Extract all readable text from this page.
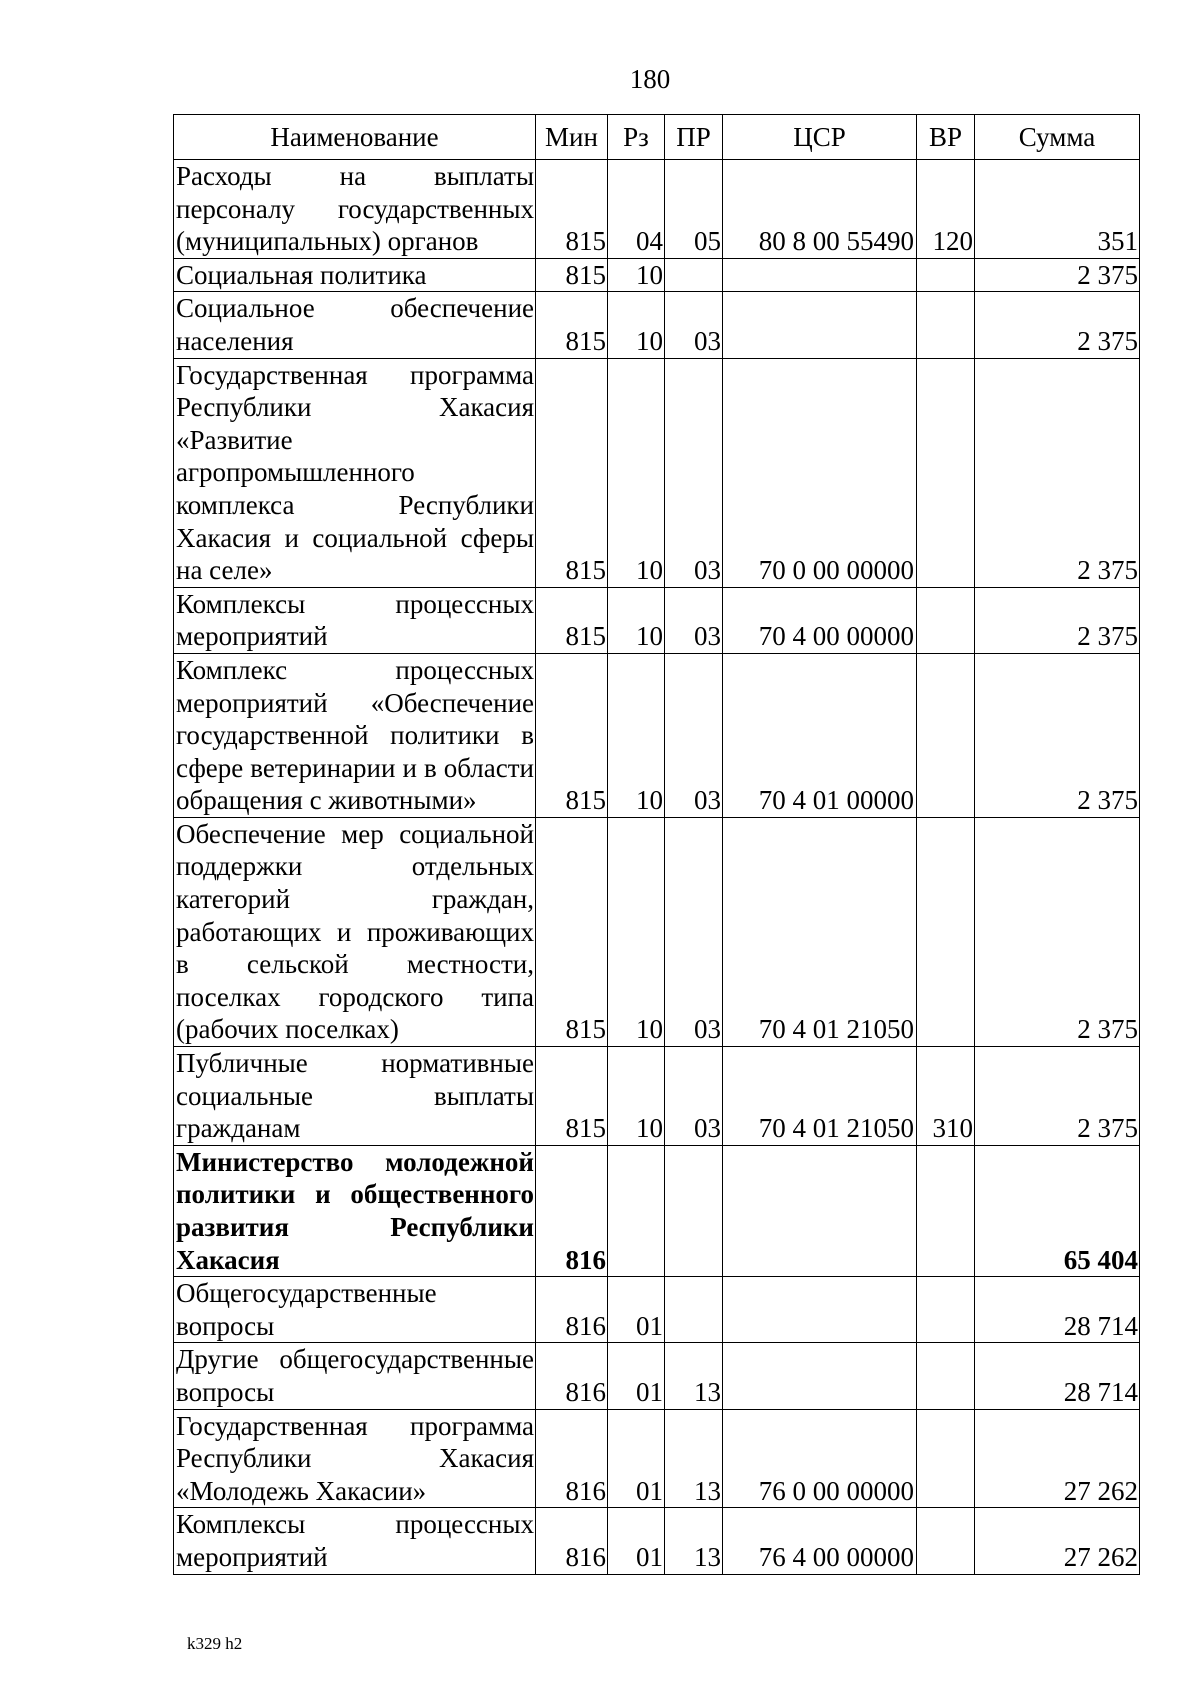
180
Наименование	Мин	Рз	ПР	ЦСР	ВР	Сумма
Расходы на выплаты персоналу государственных (муниципальных) органов	815	04	05	80 8 00 55490	120	351
Социальная политика	815	10				2 375
Социальное обеспечение населения	815	10	03			2 375
Государственная программа Республики Хакасия «Развитие агропромышленного комплекса Республики Хакасия и социальной сферы на селе»	815	10	03	70 0 00 00000		2 375
Комплексы процессных мероприятий	815	10	03	70 4 00 00000		2 375
Комплекс процессных мероприятий «Обеспечение государственной политики в сфере ветеринарии и в области обращения с животными»	815	10	03	70 4 01 00000		2 375
Обеспечение мер социальной поддержки отдельных категорий граждан, работающих и проживающих в сельской местности, поселках городского типа (рабочих поселках)	815	10	03	70 4 01 21050		2 375
Публичные нормативные социальные выплаты гражданам	815	10	03	70 4 01 21050	310	2 375
Министерство молодежной политики и общественного развития Республики Хакасия	816					65 404
Общегосударственные вопросы	816	01				28 714
Другие общегосударственные вопросы	816	01	13			28 714
Государственная программа Республики Хакасия «Молодежь Хакасии»	816	01	13	76 0 00 00000		27 262
Комплексы процессных мероприятий	816	01	13	76 4 00 00000		27 262
k329 h2
